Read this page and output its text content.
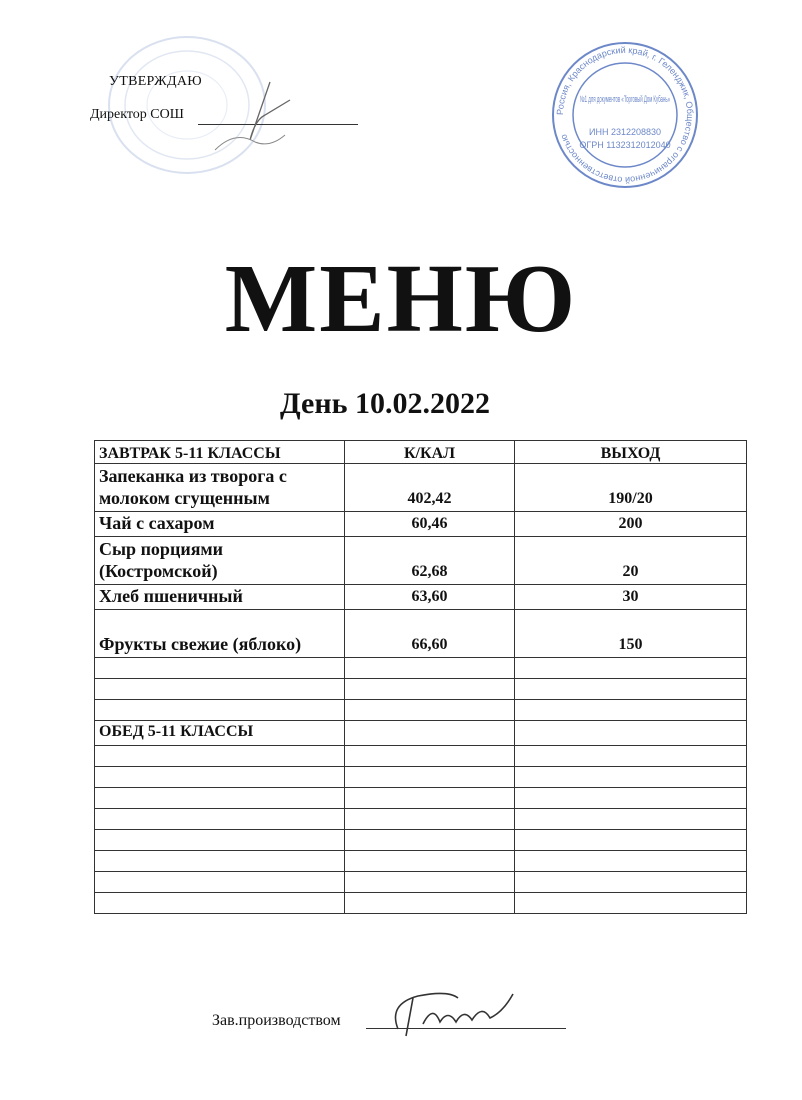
УТВЕРЖДАЮ
Директор СОШ	Россия, Краснодарский край, г. Геленджик, Общество с ограниченной ответственностью
№1 для документов «Торговый Дом Кубань»
ИНН 2312208830
ОГРН 1132312012040
МЕНЮ
День 10.02.2022
ЗАВТРАК 5-11 КЛАССЫ	К/КАЛ	ВЫХОД
Запеканка из творога с молоком сгущенным	402,42	190/20
Чай с сахаром	60,46	200
Сыр порциями (Костромской)	62,68	20
Хлеб пшеничный	63,60	30
Фрукты свежие (яблоко)	66,60	150

ОБЕД 5-11 КЛАССЫ		

Зав.производством
